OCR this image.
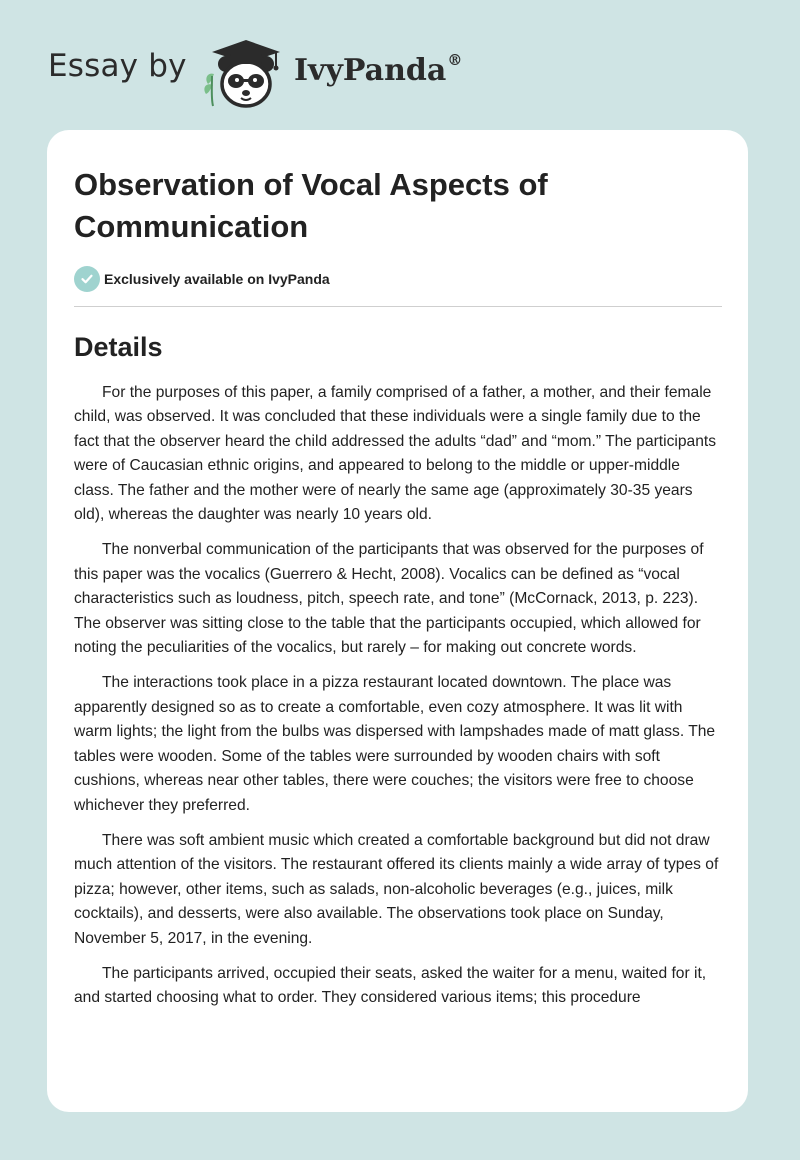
Essay by	IvyPanda®
Observation of Vocal Aspects of Communication
Exclusively available on IvyPanda
Details

For the purposes of this paper, a family comprised of a father, a mother, and their female child, was observed. It was concluded that these individuals were a single family due to the fact that the observer heard the child addressed the adults “dad” and “mom.” The participants were of Caucasian ethnic origins, and appeared to belong to the middle or upper-middle class. The father and the mother were of nearly the same age (approximately 30-35 years old), whereas the daughter was nearly 10 years old.

The nonverbal communication of the participants that was observed for the purposes of this paper was the vocalics (Guerrero & Hecht, 2008). Vocalics can be defined as “vocal characteristics such as loudness, pitch, speech rate, and tone” (McCornack, 2013, p. 223). The observer was sitting close to the table that the participants occupied, which allowed for noting the peculiarities of the vocalics, but rarely – for making out concrete words.

The interactions took place in a pizza restaurant located downtown. The place was apparently designed so as to create a comfortable, even cozy atmosphere. It was lit with warm lights; the light from the bulbs was dispersed with lampshades made of matt glass. The tables were wooden. Some of the tables were surrounded by wooden chairs with soft cushions, whereas near other tables, there were couches; the visitors were free to choose whichever they preferred.

There was soft ambient music which created a comfortable background but did not draw much attention of the visitors. The restaurant offered its clients mainly a wide array of types of pizza; however, other items, such as salads, non-alcoholic beverages (e.g., juices, milk cocktails), and desserts, were also available. The observations took place on Sunday, November 5, 2017, in the evening.

The participants arrived, occupied their seats, asked the waiter for a menu, waited for it, and started choosing what to order. They considered various items; this procedure
